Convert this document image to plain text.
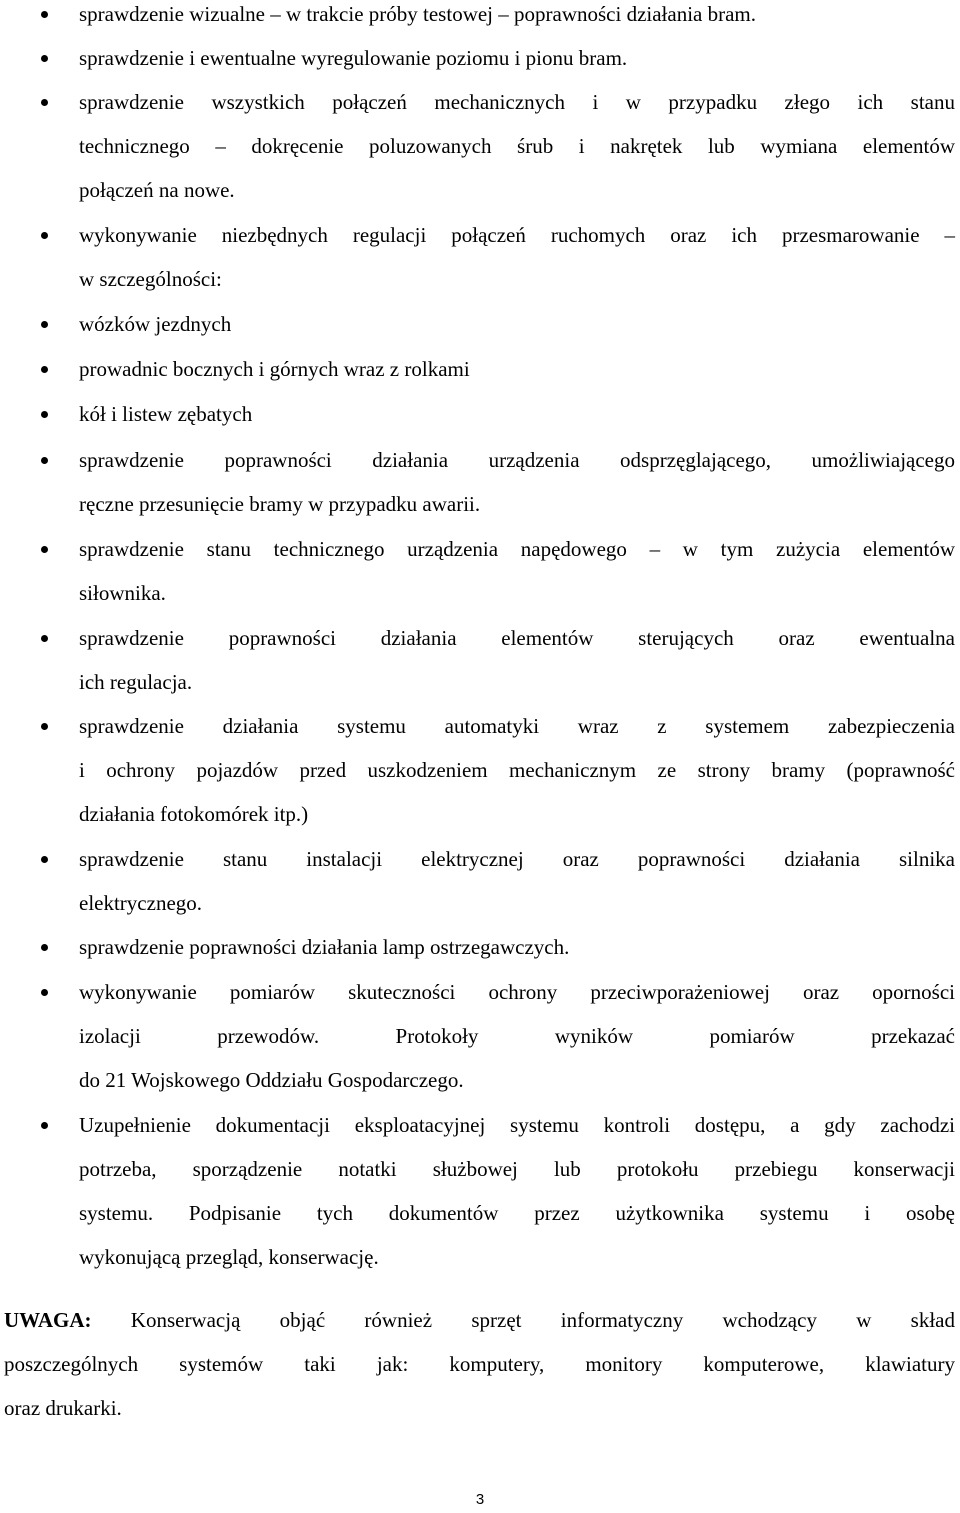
sprawdzenie wizualne – w trakcie próby testowej – poprawności działania bram.
sprawdzenie i ewentualne wyregulowanie poziomu i pionu bram.
sprawdzenie wszystkich połączeń mechanicznych i w przypadku złego ich stanu
technicznego – dokręcenie poluzowanych śrub i nakrętek lub wymiana elementów
połączeń na nowe.
wykonywanie niezbędnych regulacji połączeń ruchomych oraz ich przesmarowanie –
w szczególności:
wózków jezdnych
prowadnic bocznych i górnych wraz z rolkami
kół i listew zębatych
sprawdzenie poprawności działania urządzenia odsprzęglającego, umożliwiającego
ręczne przesunięcie bramy w przypadku awarii.
sprawdzenie stanu technicznego urządzenia napędowego – w tym zużycia elementów
siłownika.
sprawdzenie poprawności działania elementów sterujących oraz ewentualna
ich regulacja.
sprawdzenie działania systemu automatyki wraz z systemem zabezpieczenia
i ochrony pojazdów przed uszkodzeniem mechanicznym ze strony bramy (poprawność
działania fotokomórek itp.)
sprawdzenie stanu instalacji elektrycznej oraz poprawności działania silnika
elektrycznego.
sprawdzenie poprawności działania lamp ostrzegawczych.
wykonywanie pomiarów skuteczności ochrony przeciwporażeniowej oraz oporności
izolacji przewodów. Protokoły wyników pomiarów przekazać
do 21 Wojskowego Oddziału Gospodarczego.
Uzupełnienie dokumentacji eksploatacyjnej systemu kontroli dostępu, a gdy zachodzi
potrzeba, sporządzenie notatki służbowej lub protokołu przebiegu konserwacji
systemu. Podpisanie tych dokumentów przez użytkownika systemu i osobę
wykonującą przegląd, konserwację.
UWAGA: Konserwacją objąć również sprzęt informatyczny wchodzący w skład
poszczególnych systemów taki jak: komputery, monitory komputerowe, klawiatury
oraz drukarki.
3
